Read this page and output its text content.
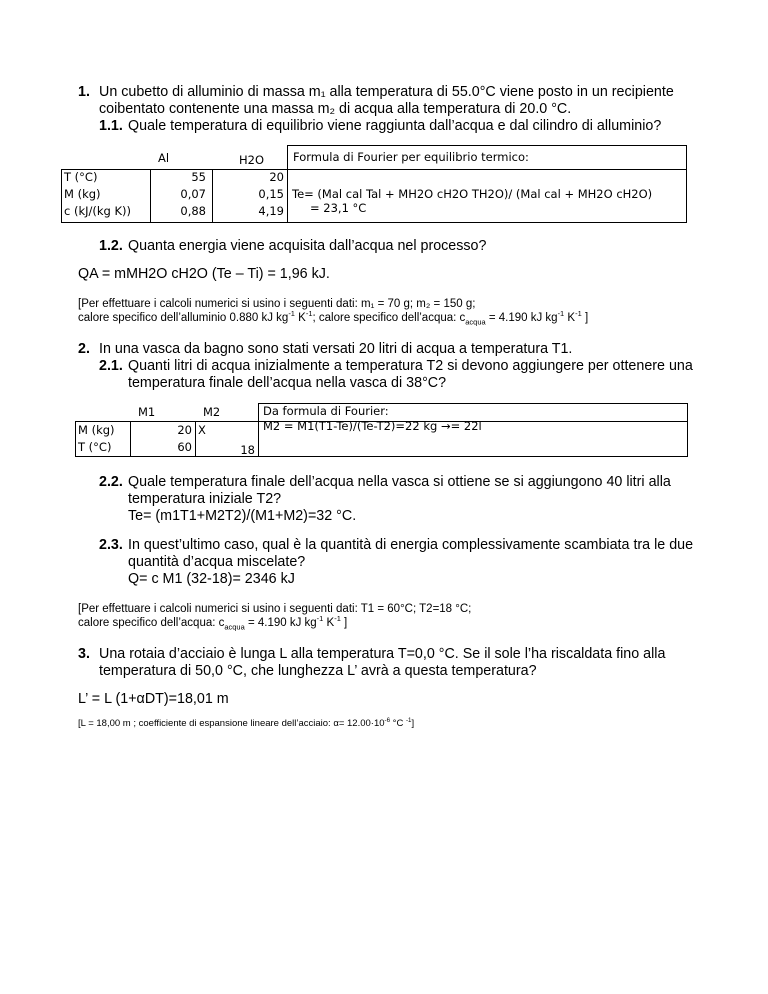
1. Un cubetto di alluminio di massa m₁ alla temperatura di 55.0°C viene posto in un recipiente
coibentato contenente una massa m₂ di acqua alla temperatura di 20.0 °C.
1.1. Quale temperatura di equilibrio viene raggiunta dall’acqua e dal cilindro di alluminio?
Al	H2O
T (°C)
M (kg)
c (kJ/(kg K))
55
0,07
0,88
20
0,15
4,19
Formula di Fourier per equilibrio termico:
Te= (Mal cal Tal + MH2O cH2O TH2O)/ (Mal cal + MH2O cH2O)
= 23,1 °C
1.2. Quanta energia viene acquisita dall’acqua nel processo?
QA = mMH2O cH2O (Te – Ti) = 1,96 kJ.
[Per effettuare i calcoli numerici si usino i seguenti dati: m₁ = 70 g; m₂ = 150 g;
calore specifico dell’alluminio 0.880 kJ $kg^{-1}$ $K^{-1}$; calore specifico dell’acqua: $c_{acqua} = 4.190$ kJ $kg^{-1}$ $K^{-1}$ ]
2. In una vasca da bagno sono stati versati 20 litri di acqua a temperatura T1.
2.1. Quanti litri di acqua inizialmente a temperatura T2 si devono aggiungere per ottenere una
temperatura finale dell’acqua nella vasca di 38°C?
M1	M2
M (kg)
T (°C)
20
60
X
18
Da formula di Fourier:
M2 = M1(T1-Te)/(Te-T2)=22 kg →= 22l
2.2. Quale temperatura finale dell’acqua nella vasca si ottiene se si aggiungono 40 litri alla
temperatura iniziale T2?
Te= (m1T1+M2T2)/(M1+M2)=32 °C.
2.3. In quest’ultimo caso, qual è la quantità di energia complessivamente scambiata tra le due
quantità d’acqua miscelate?
Q= c M1 (32-18)= 2346 kJ
[Per effettuare i calcoli numerici si usino i seguenti dati: T1 = 60°C; T2=18 °C;
calore specifico dell’acqua: $c_{acqua} = 4.190$ kJ $kg^{-1}$ $K^{-1}$ ]
3. Una rotaia d’acciaio è lunga L alla temperatura T=0,0 °C. Se il sole l’ha riscaldata fino alla
temperatura di 50,0 °C, che lunghezza L’ avrà a questa temperatura?
L’ = L (1+αDT)=18,01 m
[L = 18,00 m ; coefficiente di espansione lineare dell’acciaio: $\alpha= 12.00\cdot 10^{-6}$ °C $^{-1}$]
